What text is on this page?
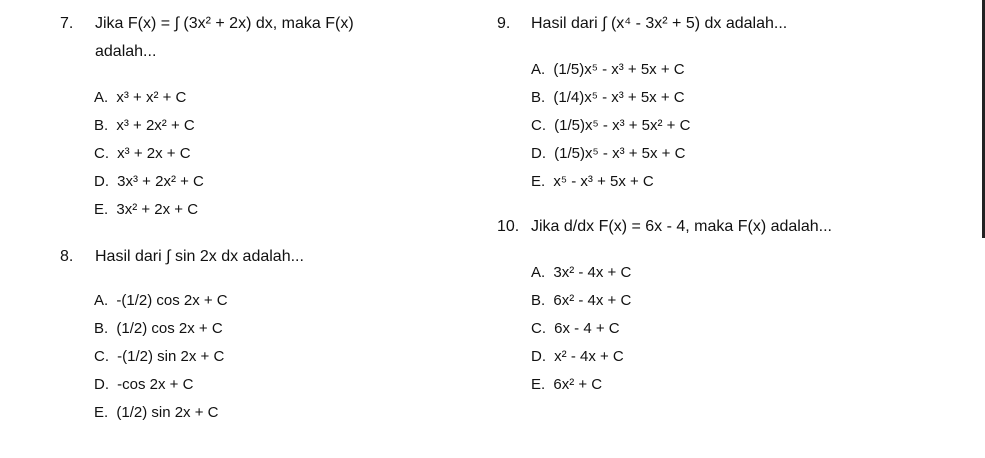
7. Jika F(x) = ∫ (3x² + 2x) dx, maka F(x)
adalah...
A. x³ + x² + C
B. x³ + 2x² + C
C. x³ + 2x + C
D. 3x³ + 2x² + C
E. 3x² + 2x + C
8. Hasil dari ∫ sin 2x dx adalah...
A. -(1/2) cos 2x + C
B. (1/2) cos 2x + C
C. -(1/2) sin 2x + C
D. -cos 2x + C
E. (1/2) sin 2x + C
9. Hasil dari ∫ (x⁴ - 3x² + 5) dx adalah...
A. (1/5)x⁵ - x³ + 5x + C
B. (1/4)x⁵ - x³ + 5x + C
C. (1/5)x⁵ - x³ + 5x² + C
D. (1/5)x⁵ - x³ + 5x + C
E. x⁵ - x³ + 5x + C
10. Jika d/dx F(x) = 6x - 4, maka F(x) adalah...
A. 3x² - 4x + C
B. 6x² - 4x + C
C. 6x - 4 + C
D. x² - 4x + C
E. 6x² + C
